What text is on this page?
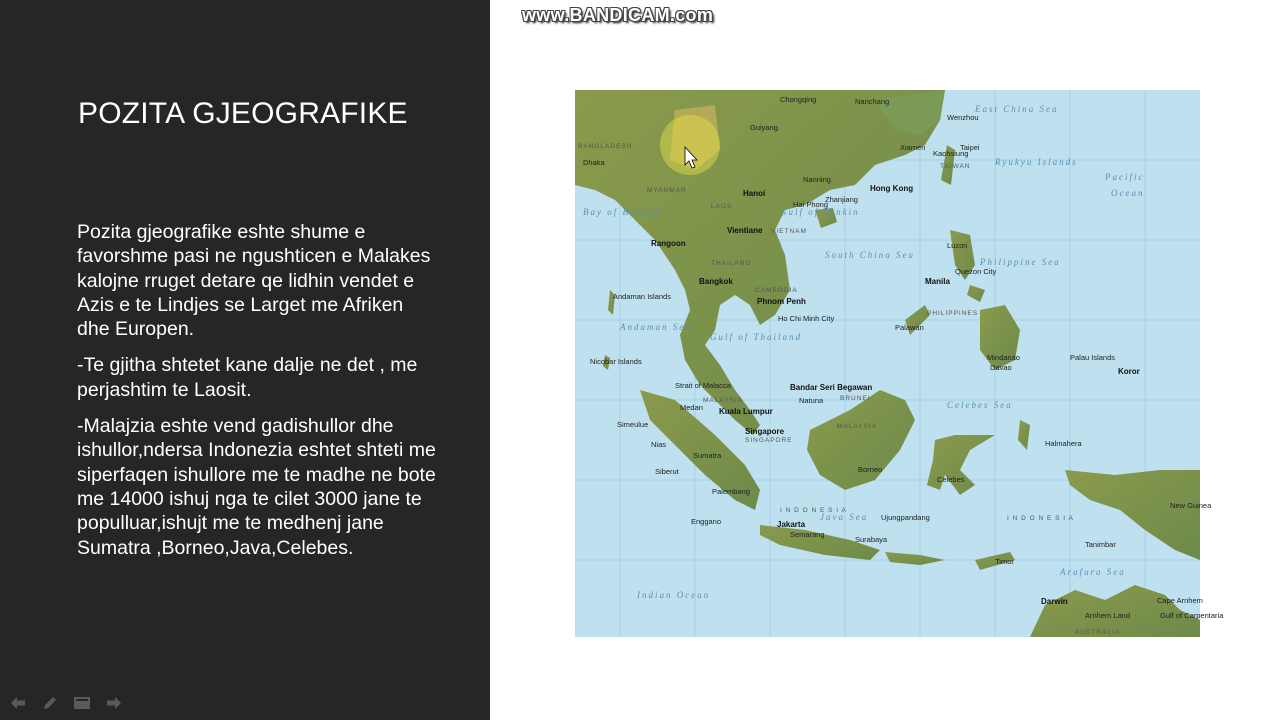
POZITA GJEOGRAFIKE

Pozita gjeografike eshte shume e favorshme pasi ne ngushticen e Malakes kalojne rruget detare qe lidhin vendet e Azis e te Lindjes se Larget me Afriken dhe Europen.

-Te gjitha shtetet kane dalje ne det , me perjashtim te Laosit.

-Malajzia eshte vend gadishullor dhe ishullor,ndersa Indonezia eshtet shteti me siperfaqen ishullore me te madhe ne bote me 14000 ishuj nga te cilet 3000 jane te populluar,ishujt me te medhenj jane Sumatra ,Borneo,Java,Celebes.

www.BANDICAM.com
East China Sea
South China Sea
Philippine Sea
Pacific
Ocean
Andaman Sea
Gulf of Thailand
Celebes Sea
Java Sea
Indian Ocean
Arafura Sea
Bay of Bengal	Gulf of Tonkin
Ryukyu Islands
MYANMAR
LAOS
THAILAND
VIETNAM
CAMBODIA
MALAYSIA
MALAYSIA
BRUNEI
SINGAPORE
PHILIPPINES
I N D O N E S I A
I N D O N E S I A
BANGLADESH
TAIWAN
AUSTRALIA
Dhaka
Hanoi
Hong Kong
Taipei
Wenzhou
Rangoon
Vientiane
Bangkok
Phnom Penh
Ho Chi Minh City
Manila
Quezon City
Kuala Lumpur
Singapore
Bandar Seri Begawan
Jakarta
Palau Islands
Koror
Darwin
Medan
Palembang
Mindanao
Palawan
Luzon
Borneo
Sumatra
Celebes
Nicobar Islands
Andaman Islands
Hai Phong
Natuna
Halmahera
Ujungpandang
Enggano
Simeulue
Nias
Siberut
Davao
Timor
Tanimbar
Cape Arnhem
Gulf of Carpentaria
Arnhem Land
Kaohsiung
Zhanjiang
Nanning
Guiyang
Chongqing	Nanchang
Xiamen
Surabaya
Semarang
New Guinea
Strait of Malacca
